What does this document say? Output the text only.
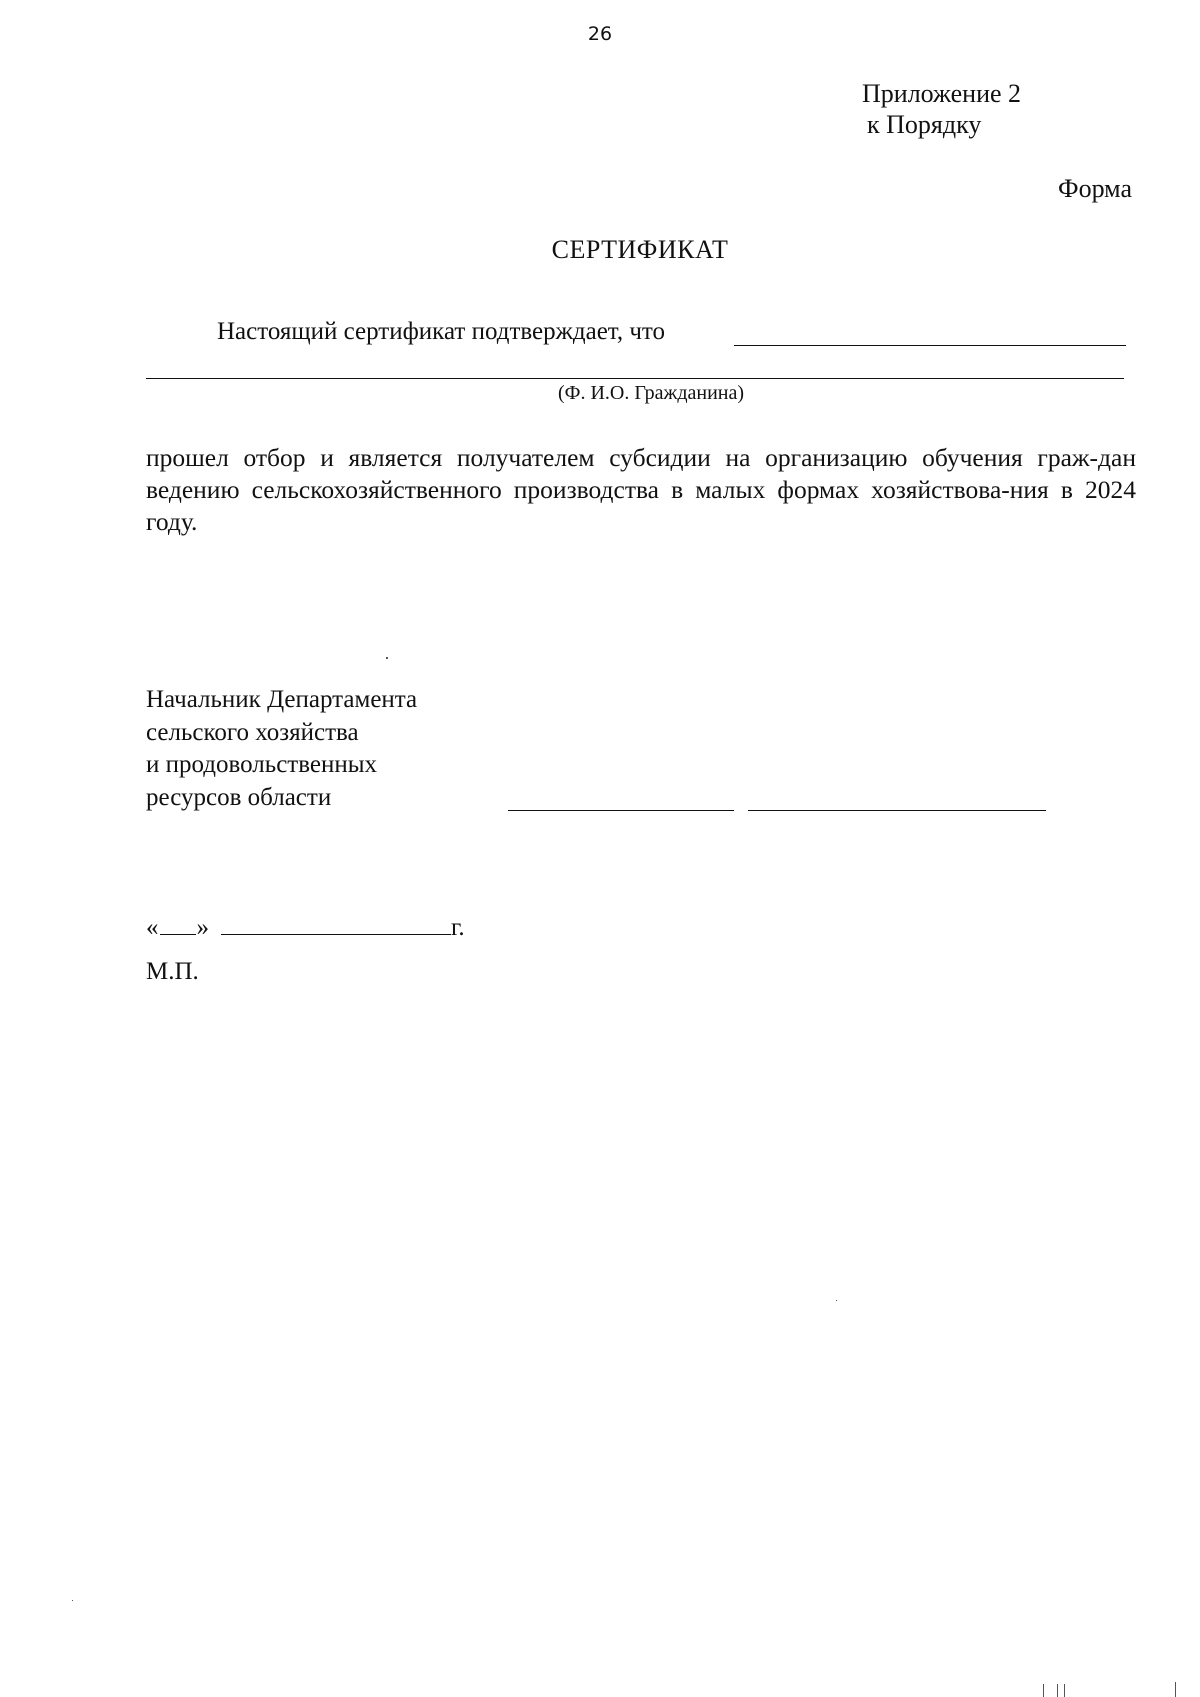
26
Приложение 2
к Порядку
Форма
СЕРТИФИКАТ
Настоящий сертификат подтверждает, что
(Ф. И.О. Гражданина)
прошел отбор и является получателем субсидии на организацию обучения граж-дан ведению сельскохозяйственного производства в малых формах хозяйствова-ния в 2024 году.
Начальник Департамента
сельского хозяйства
и продовольственных
ресурсов области
« »	г.
М.П.
